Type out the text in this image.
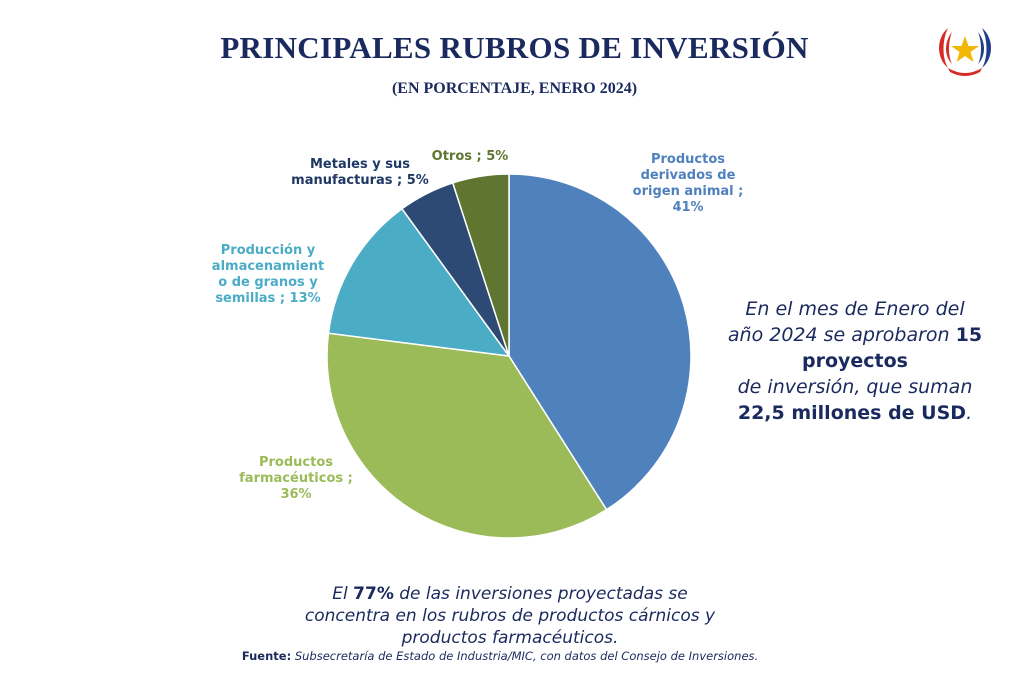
PRINCIPALES RUBROS DE INVERSIÓN
(EN PORCENTAJE, ENERO 2024)
Productos derivados de origen animal ; 41%
Productos farmacéuticos ; 36%
Producción y almacenamient o de granos y semillas ; 13%
Metales y sus manufacturas ; 5%
Otros ; 5%
En el mes de Enero del
año 2024 se aprobaron 15
proyectos
de inversión, que suman
22,5 millones de USD.
El 77% de las inversiones proyectadas se
concentra en los rubros de productos cárnicos y
productos farmacéuticos.
Fuente: Subsecretaría de Estado de Industria/MIC, con datos del Consejo de Inversiones.
